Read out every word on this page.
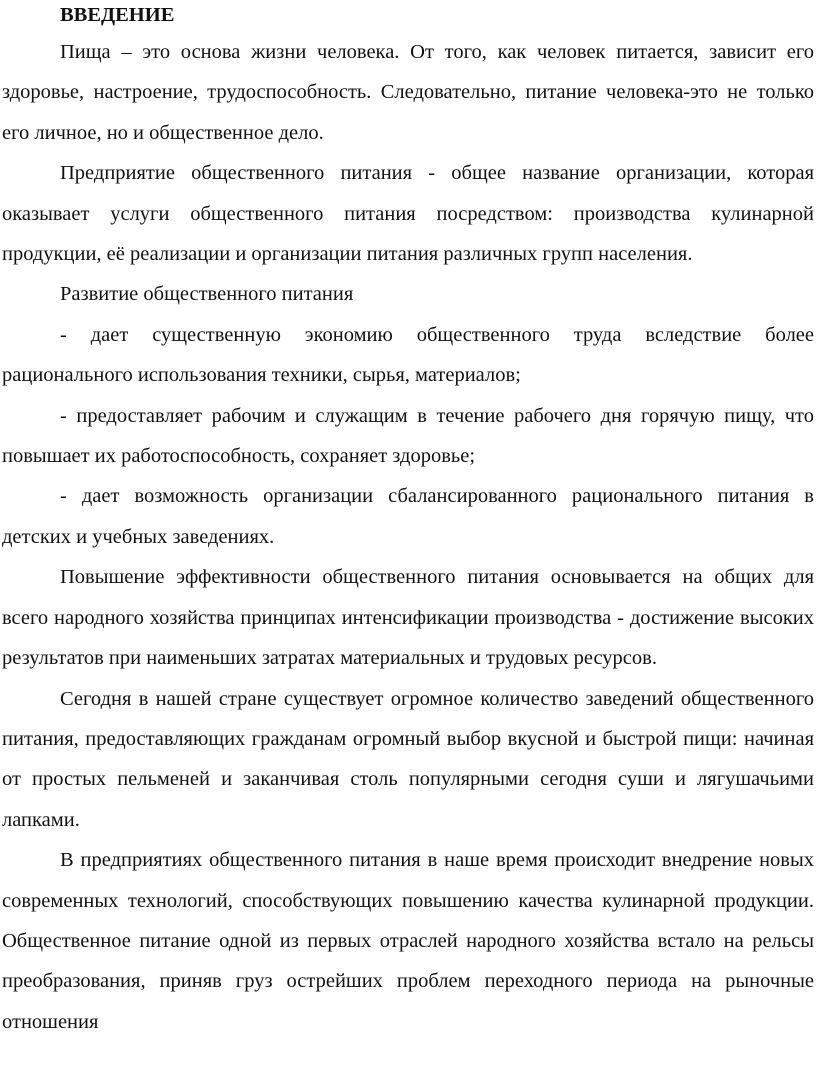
ВВЕДЕНИЕ

Пища – это основа жизни человека. От того, как человек питается, зависит его здоровье, настроение, трудоспособность. Следовательно, питание человека-это не только его личное, но и общественное дело.

Предприятие общественного питания - общее название организации, которая оказывает услуги общественного питания посредством: производства кулинарной продукции, её реализации и организации питания различных групп населения.

Развитие общественного питания

- дает существенную экономию общественного труда вследствие более рационального использования техники, сырья, материалов;

- предоставляет рабочим и служащим в течение рабочего дня горячую пищу, что повышает их работоспособность, сохраняет здоровье;

- дает возможность организации сбалансированного рационального питания в детских и учебных заведениях.

Повышение эффективности общественного питания основывается на общих для всего народного хозяйства принципах интенсификации производства - достижение высоких результатов при наименьших затратах материальных и трудовых ресурсов.

Сегодня в нашей стране существует огромное количество заведений общественного питания, предоставляющих гражданам огромный выбор вкусной и быстрой пищи: начиная от простых пельменей и заканчивая столь популярными сегодня суши и лягушачьими лапками.

В предприятиях общественного питания в наше время происходит внедрение новых современных технологий, способствующих повышению качества кулинарной продукции. Общественное питание одной из первых отраслей народного хозяйства встало на рельсы преобразования, приняв груз острейших проблем переходного периода на рыночные отношения
